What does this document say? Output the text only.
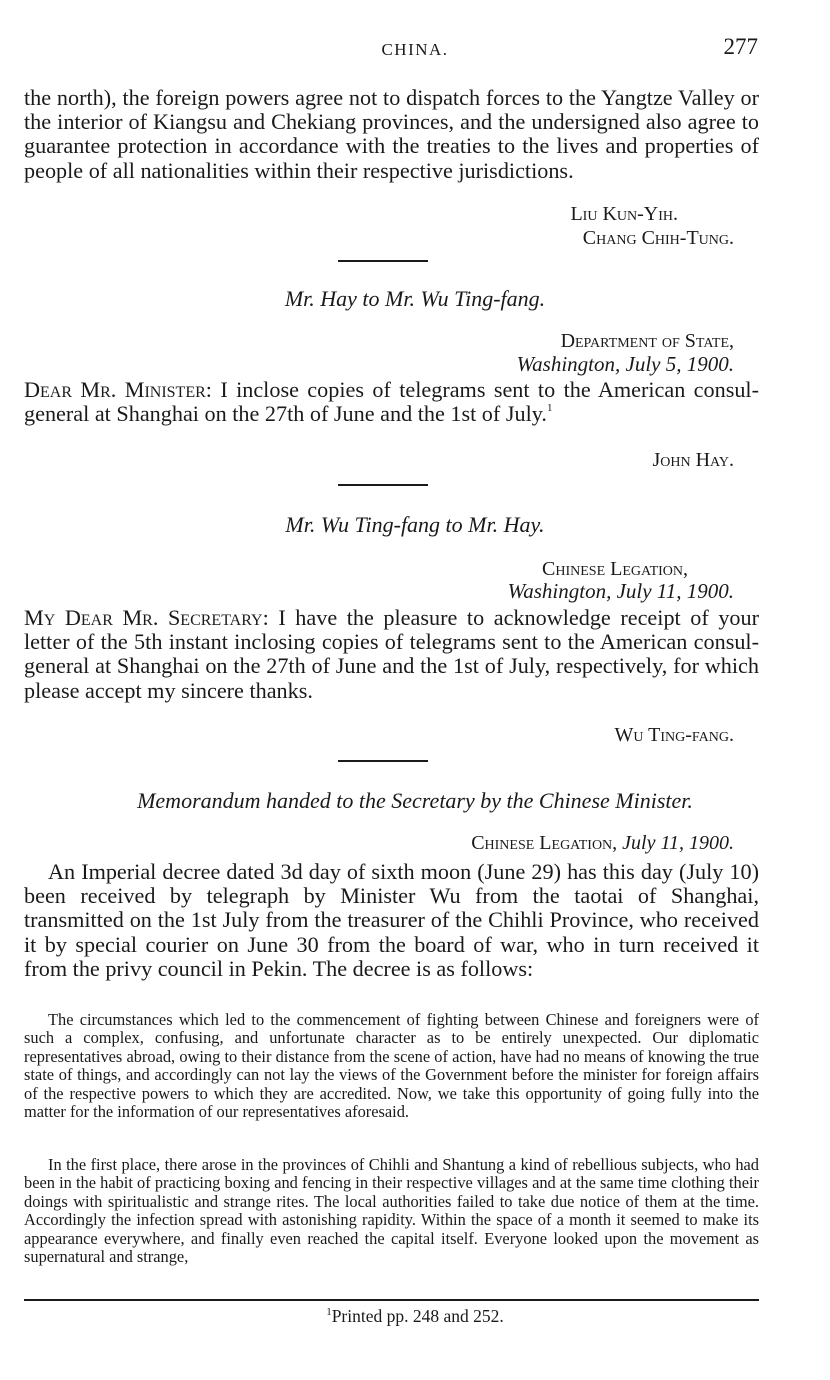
CHINA.	277

the north), the foreign powers agree not to dispatch forces to the Yangtze Valley or the interior of Kiangsu and Chekiang provinces, and the undersigned also agree to guarantee protection in accordance with the treaties to the lives and properties of people of all nationalities within their respective jurisdictions.

Liu Kun-Yih.
Chang Chih-Tung.
Mr. Hay to Mr. Wu Ting-fang.
Department of State,
Washington, July 5, 1900.

Dear Mr. Minister: I inclose copies of telegrams sent to the American consul-general at Shanghai on the 27th of June and the 1st of July.$^1$

John Hay.
Mr. Wu Ting-fang to Mr. Hay.
Chinese Legation,
Washington, July 11, 1900.

My Dear Mr. Secretary: I have the pleasure to acknowledge receipt of your letter of the 5th instant inclosing copies of telegrams sent to the American consul-general at Shanghai on the 27th of June and the 1st of July, respectively, for which please accept my sincere thanks.

Wu Ting-fang.
Memorandum handed to the Secretary by the Chinese Minister.
Chinese Legation, July 11, 1900.

An Imperial decree dated 3d day of sixth moon (June 29) has this day (July 10) been received by telegraph by Minister Wu from the taotai of Shanghai, transmitted on the 1st July from the treasurer of the Chihli Province, who received it by special courier on June 30 from the board of war, who in turn received it from the privy council in Pekin. The decree is as follows:

The circumstances which led to the commencement of fighting between Chinese and foreigners were of such a complex, confusing, and unfortunate character as to be entirely unexpected. Our diplomatic representatives abroad, owing to their distance from the scene of action, have had no means of knowing the true state of things, and accordingly can not lay the views of the Government before the minister for foreign affairs of the respective powers to which they are accredited. Now, we take this opportunity of going fully into the matter for the information of our representatives aforesaid.

In the first place, there arose in the provinces of Chihli and Shantung a kind of rebellious subjects, who had been in the habit of practicing boxing and fencing in their respective villages and at the same time clothing their doings with spiritualistic and strange rites. The local authorities failed to take due notice of them at the time. Accordingly the infection spread with astonishing rapidity. Within the space of a month it seemed to make its appearance everywhere, and finally even reached the capital itself. Everyone looked upon the movement as supernatural and strange,

$^1$Printed pp. 248 and 252.
